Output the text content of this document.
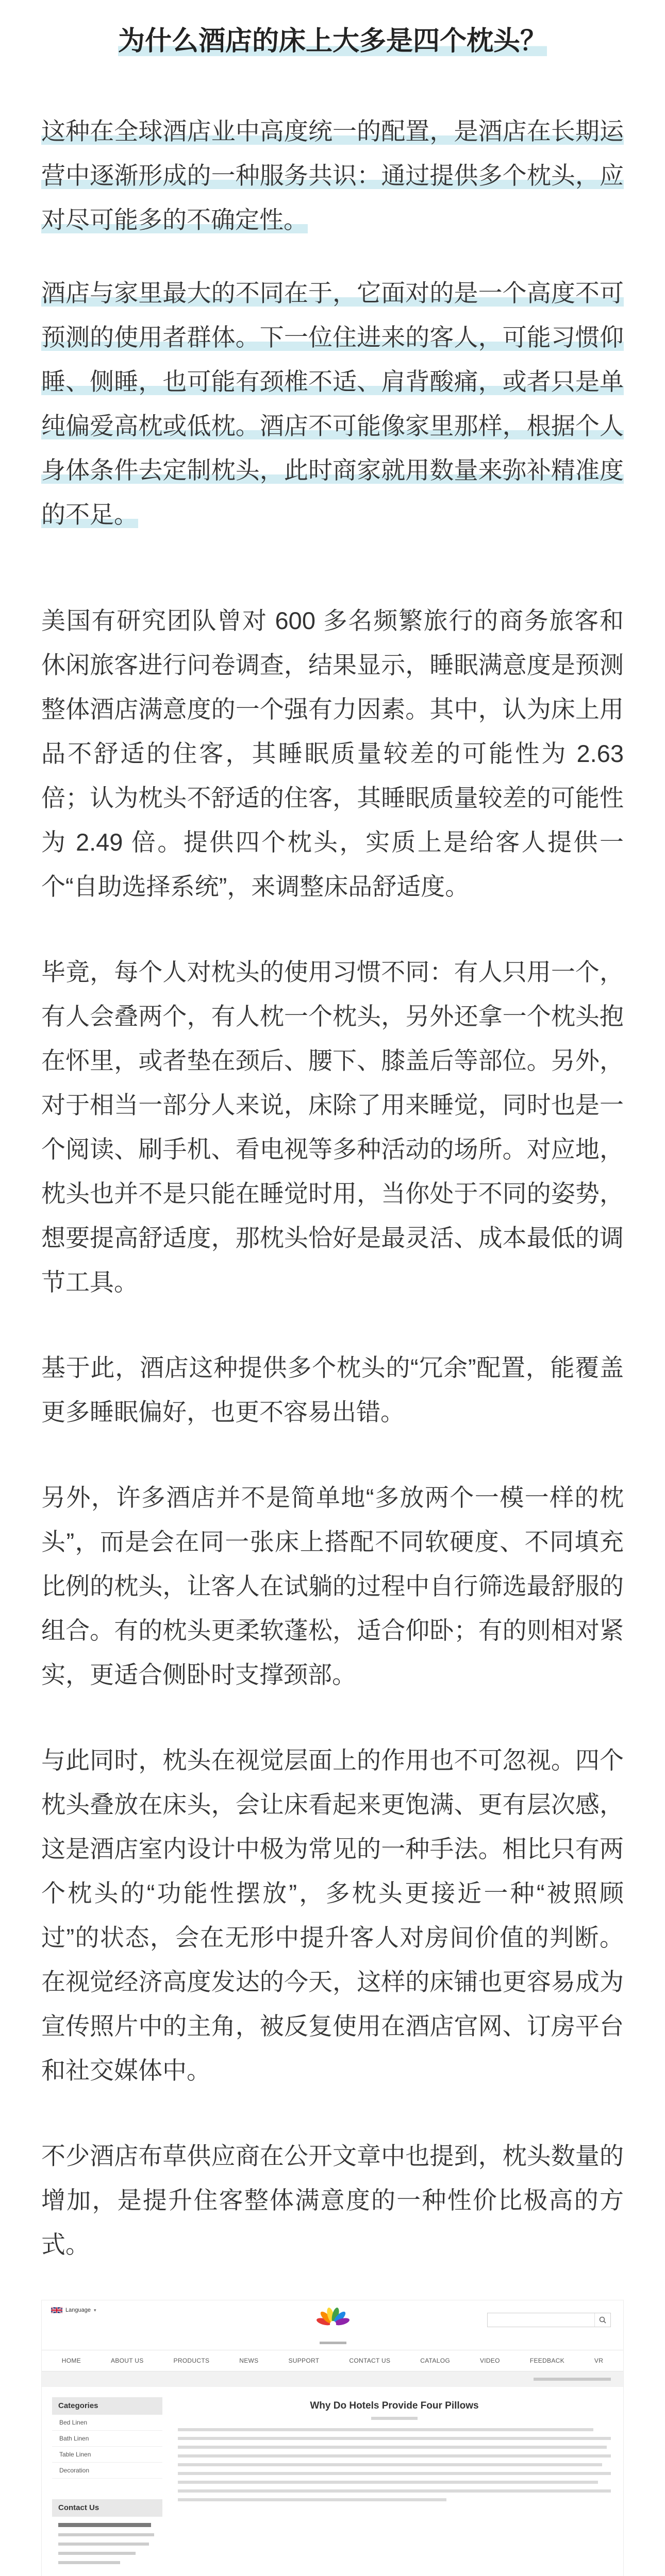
为什么酒店的床上大多是四个枕头？

这种在全球酒店业中高度统一的配置，是酒店在长期运营中逐渐形成的一种服务共识：通过提供多个枕头，应对尽可能多的不确定性。

酒店与家里最大的不同在于，它面对的是一个高度不可预测的使用者群体。下一位住进来的客人，可能习惯仰睡、侧睡，也可能有颈椎不适、肩背酸痛，或者只是单纯偏爱高枕或低枕。酒店不可能像家里那样，根据个人身体条件去定制枕头，此时商家就用数量来弥补精准度的不足。

美国有研究团队曾对 600 多名频繁旅行的商务旅客和休闲旅客进行问卷调查，结果显示，睡眠满意度是预测整体酒店满意度的一个强有力因素。其中，认为床上用品不舒适的住客，其睡眠质量较差的可能性为 2.63 倍；认为枕头不舒适的住客，其睡眠质量较差的可能性为 2.49 倍。提供四个枕头，实质上是给客人提供一个“自助选择系统”，来调整床品舒适度。

毕竟，每个人对枕头的使用习惯不同：有人只用一个，有人会叠两个，有人枕一个枕头，另外还拿一个枕头抱在怀里，或者垫在颈后、腰下、膝盖后等部位。另外，对于相当一部分人来说，床除了用来睡觉，同时也是一个阅读、刷手机、看电视等多种活动的场所。对应地，枕头也并不是只能在睡觉时用，当你处于不同的姿势，想要提高舒适度，那枕头恰好是最灵活、成本最低的调节工具。

基于此，酒店这种提供多个枕头的“冗余”配置，能覆盖更多睡眠偏好，也更不容易出错。

另外，许多酒店并不是简单地“多放两个一模一样的枕头”，而是会在同一张床上搭配不同软硬度、不同填充比例的枕头，让客人在试躺的过程中自行筛选最舒服的组合。有的枕头更柔软蓬松，适合仰卧；有的则相对紧实，更适合侧卧时支撑颈部。

与此同时，枕头在视觉层面上的作用也不可忽视。四个枕头叠放在床头，会让床看起来更饱满、更有层次感，这是酒店室内设计中极为常见的一种手法。相比只有两个枕头的“功能性摆放”，多枕头更接近一种“被照顾过”的状态，会在无形中提升客人对房间价值的判断。在视觉经济高度发达的今天，这样的床铺也更容易成为宣传照片中的主角，被反复使用在酒店官网、订房平台和社交媒体中。

不少酒店布草供应商在公开文章中也提到，枕头数量的增加，是提升住客整体满意度的一种性价比极高的方式。

Language ▾
HOME	ABOUT US	PRODUCTS	NEWS	SUPPORT	CONTACT US	CATALOG	VIDEO	FEEDBACK	VR
Categories
Bed Linen
Bath Linen
Table Linen
Decoration
Contact Us
Why Do Hotels Provide Four Pillows
